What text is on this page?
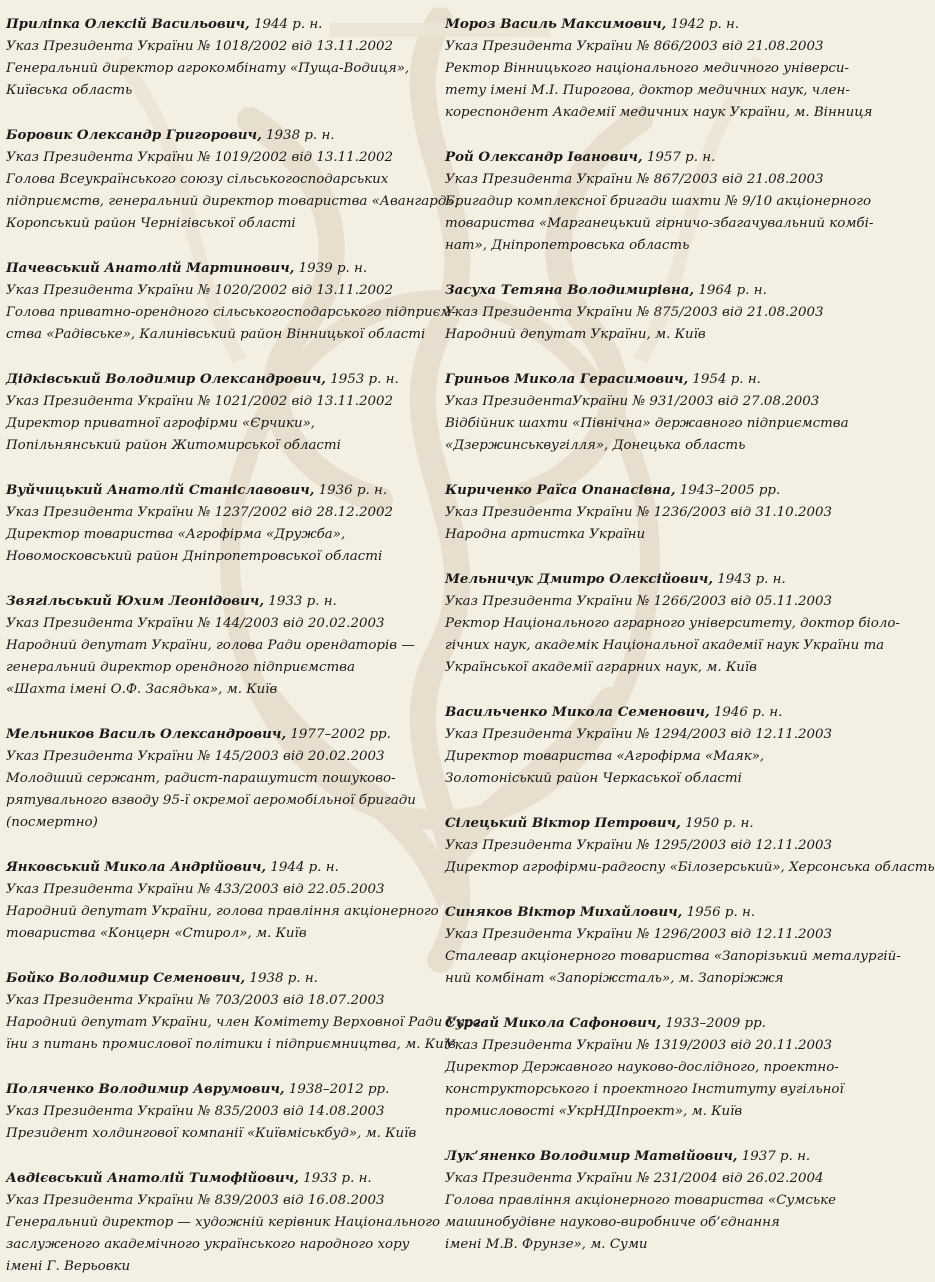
Приліпка Олексій Васильович, 1944 р. н.
Указ Президента України № 1018/2002 від 13.11.2002
Генеральний директор агрокомбінату «Пуща-Водиця»,
Київська область
Боровик Олександр Григорович, 1938 р. н.
Указ Президента України № 1019/2002 від 13.11.2002
Голова Всеукраїнського союзу сільськогосподарських
підприємств, генеральний директор товариства «Авангард»,
Коропський район Чернігівської області
Пачевський Анатолій Мартинович, 1939 р. н.
Указ Президента України № 1020/2002 від 13.11.2002
Голова приватно-орендного сільськогосподарського підприєм-
ства «Радівське», Калинівський район Вінницької області
Дідківський Володимир Олександрович, 1953 р. н.
Указ Президента України № 1021/2002 від 13.11.2002
Директор приватної агрофірми «Єрчики»,
Попільнянський район Житомирської області
Вуйчицький Анатолій Станіславович, 1936 р. н.
Указ Президента України № 1237/2002 від 28.12.2002
Директор товариства «Агрофірма «Дружба»,
Новомосковський район Дніпропетровської області
Звягільський Юхим Леонідович, 1933 р. н.
Указ Президента України № 144/2003 від 20.02.2003
Народний депутат України, голова Ради орендаторів —
генеральний директор орендного підприємства
«Шахта імені О.Ф. Засядька», м. Київ
Мельников Василь Олександрович, 1977–2002 рр.
Указ Президента України № 145/2003 від 20.02.2003
Молодший сержант, радист-парашутист пошуково-
рятувального взводу 95-ї окремої аеромобільної бригади
(посмертно)
Янковський Микола Андрійович, 1944 р. н.
Указ Президента України № 433/2003 від 22.05.2003
Народний депутат України, голова правління акціонерного
товариства «Концерн «Стирол», м. Київ
Бойко Володимир Семенович, 1938 р. н.
Указ Президента України № 703/2003 від 18.07.2003
Народний депутат України, член Комітету Верховної Ради Укра-
їни з питань промислової політики і підприємництва, м. Київ
Поляченко Володимир Аврумович, 1938–2012 рр.
Указ Президента України № 835/2003 від 14.08.2003
Президент холдингової компанії «Київміськбуд», м. Київ
Авдієвський Анатолій Тимофійович, 1933 р. н.
Указ Президента України № 839/2003 від 16.08.2003
Генеральний директор — художній керівник Національного
заслуженого академічного українського народного хору
імені Г. Верьовки
Мороз Василь Максимович, 1942 р. н.
Указ Президента України № 866/2003 від 21.08.2003
Ректор Вінницького національного медичного універси-
тету імені М.І. Пирогова, доктор медичних наук, член-
кореспондент Академії медичних наук України, м. Вінниця
Рой Олександр Іванович, 1957 р. н.
Указ Президента України № 867/2003 від 21.08.2003
Бригадир комплексної бригади шахти № 9/10 акціонерного
товариства «Марганецький гірничо-збагачувальний комбі-
нат», Дніпропетровська область
Засуха Тетяна Володимирівна, 1964 р. н.
Указ Президента України № 875/2003 від 21.08.2003
Народний депутат України, м. Київ
Гриньов Микола Герасимович, 1954 р. н.
Указ ПрезидентаУкраїни № 931/2003 від 27.08.2003
Відбійник шахти «Північна» державного підприємства
«Дзержинськвугілля», Донецька область
Кириченко Раїса Опанасівна, 1943–2005 рр.
Указ Президента України № 1236/2003 від 31.10.2003
Народна артистка України
Мельничук Дмитро Олексійович, 1943 р. н.
Указ Президента України № 1266/2003 від 05.11.2003
Ректор Національного аграрного університету, доктор біоло-
гічних наук, академік Національної академії наук України та
Української академії аграрних наук, м. Київ
Васильченко Микола Семенович, 1946 р. н.
Указ Президента України № 1294/2003 від 12.11.2003
Директор товариства «Агрофірма «Маяк»,
Золотоніський район Черкаської області
Сілецький Віктор Петрович, 1950 р. н.
Указ Президента України № 1295/2003 від 12.11.2003
Директор агрофірми-радгоспу «Білозерський», Херсонська область
Синяков Віктор Михайлович, 1956 р. н.
Указ Президента України № 1296/2003 від 12.11.2003
Сталевар акціонерного товариства «Запорізький металургій-
ний комбінат «Запоріжсталь», м. Запоріжжя
Сургай Микола Сафонович, 1933–2009 рр.
Указ Президента України № 1319/2003 від 20.11.2003
Директор Державного науково-дослідного, проектно-
конструкторського і проектного Інституту вугільної
промисловості «УкрНДІпроект», м. Київ
Лук’яненко Володимир Матвійович, 1937 р. н.
Указ Президента України № 231/2004 від 26.02.2004
Голова правління акціонерного товариства «Сумське
машинобудівне науково-виробниче об’єднання
імені М.В. Фрунзе», м. Суми
